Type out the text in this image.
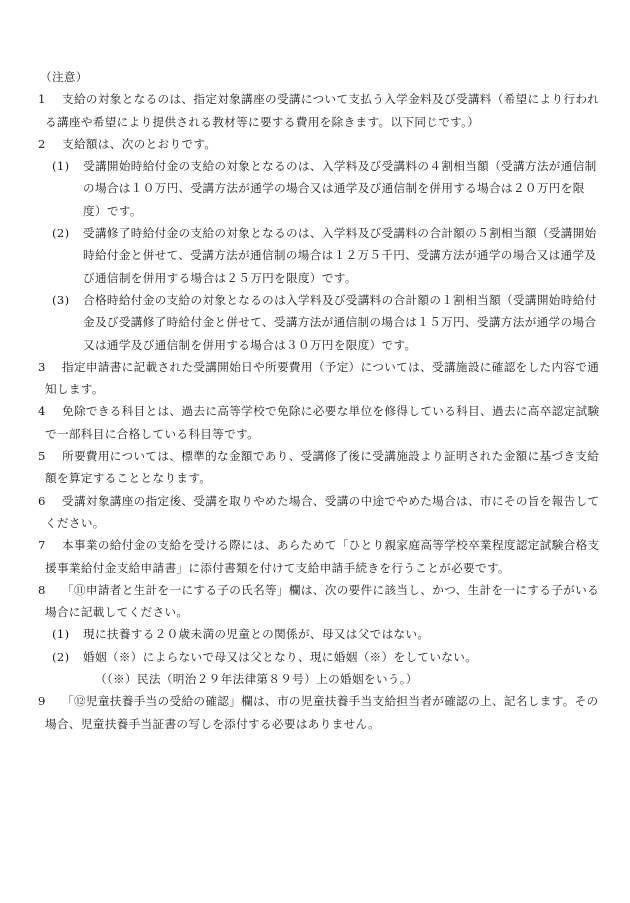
（注意）
1 支給の対象となるのは、指定対象講座の受講について支払う入学金料及び受講料（希望により行われ
る講座や希望により提供される教材等に要する費用を除きます。以下同じです。）
2 支給額は、次のとおりです。
(1) 受講開始時給付金の支給の対象となるのは、入学料及び受講料の４割相当額（受講方法が通信制
の場合は１０万円、受講方法が通学の場合又は通学及び通信制を併用する場合は２０万円を限
度）です。
(2) 受講修了時給付金の支給の対象となるのは、入学料及び受講料の合計額の５割相当額（受講開始
時給付金と併せて、受講方法が通信制の場合は１２万５千円、受講方法が通学の場合又は通学及
び通信制を併用する場合は２５万円を限度）です。
(3) 合格時給付金の支給の対象となるのは入学料及び受講料の合計額の１割相当額（受講開始時給付
金及び受講修了時給付金と併せて、受講方法が通信制の場合は１５万円、受講方法が通学の場合
又は通学及び通信制を併用する場合は３０万円を限度）です。
3 指定申請書に記載された受講開始日や所要費用（予定）については、受講施設に確認をした内容で通
知します。
4 免除できる科目とは、過去に高等学校で免除に必要な単位を修得している科目、過去に高卒認定試験
で一部科目に合格している科目等です。
5 所要費用については、標準的な金額であり、受講修了後に受講施設より証明された金額に基づき支給
額を算定することとなります。
6 受講対象講座の指定後、受講を取りやめた場合、受講の中途でやめた場合は、市にその旨を報告して
ください。
7 本事業の給付金の支給を受ける際には、あらためて「ひとり親家庭高等学校卒業程度認定試験合格支
援事業給付金支給申請書」に添付書類を付けて支給申請手続きを行うことが必要です。
8 「⑪申請者と生計を一にする子の氏名等」欄は、次の要件に該当し、かつ、生計を一にする子がいる
場合に記載してください。
(1) 現に扶養する２０歳未満の児童との関係が、母又は父ではない。
(2) 婚姻（※）によらないで母又は父となり、現に婚姻（※）をしていない。
（（※）民法（明治２９年法律第８９号）上の婚姻をいう。）
9 「⑫児童扶養手当の受給の確認」欄は、市の児童扶養手当支給担当者が確認の上、記名します。その
場合、児童扶養手当証書の写しを添付する必要はありません。
